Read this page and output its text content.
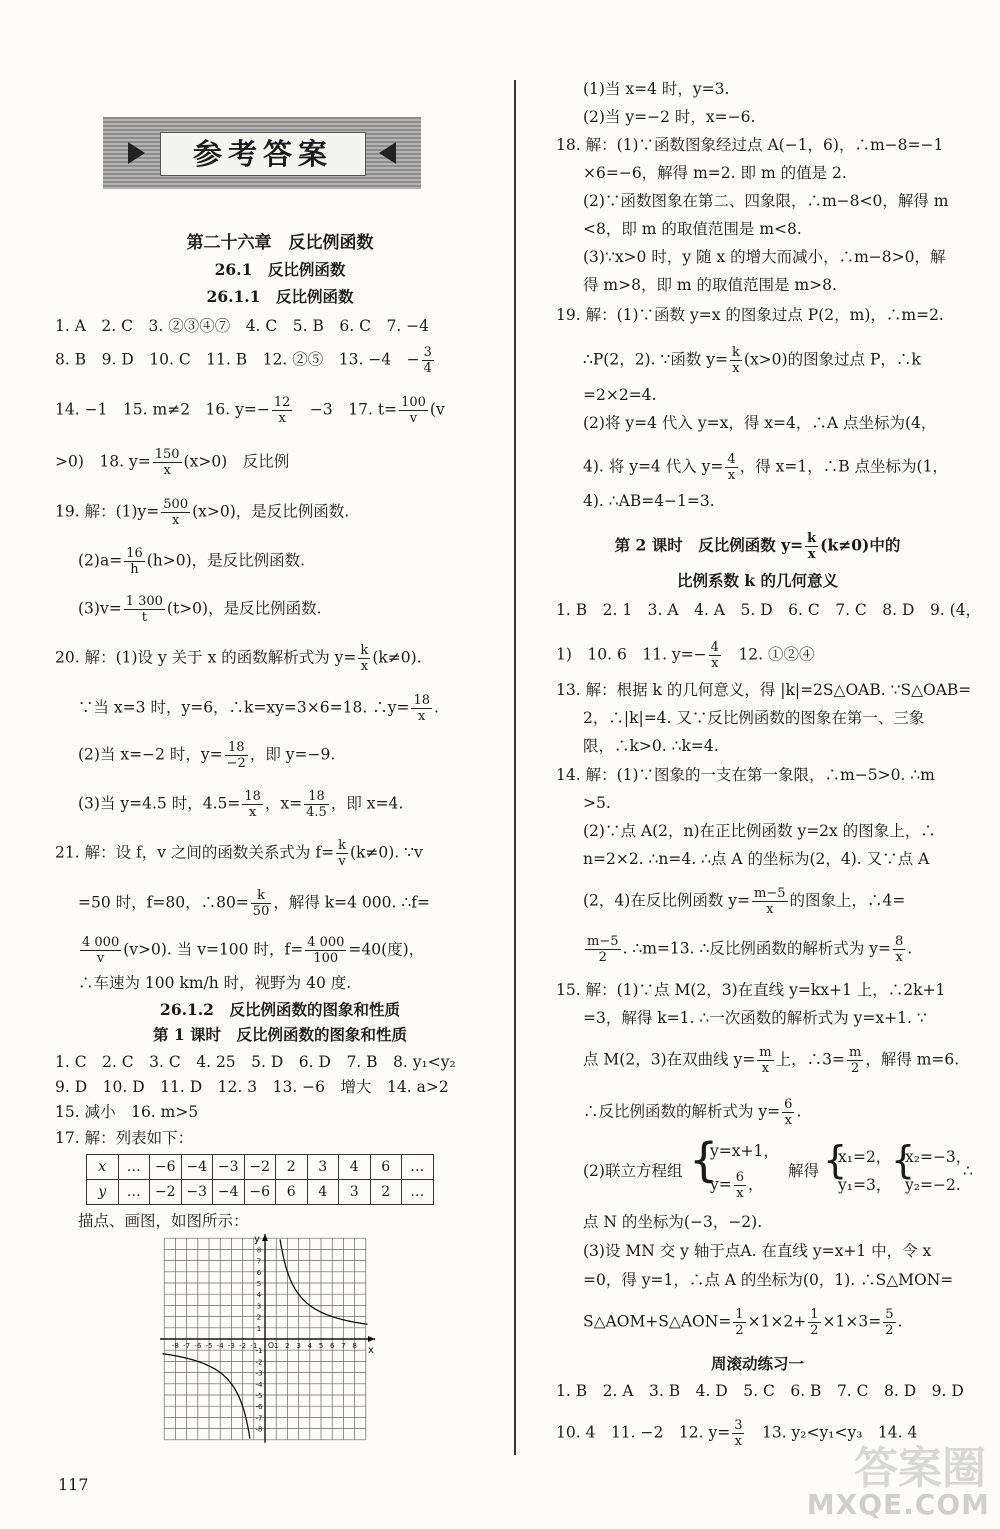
参考答案
第二十六章　反比例函数
26.1　反比例函数
26.1.1　反比例函数
1. A　2. C　3. ②③④⑦　4. C　5. B　6. C　7. −4
8. B　9. D　10. C　11. B　12. ②⑤　13. −4　− $\frac{3}{4}$
14. −1　15. m≠2　16. $y=- \frac{12}{x}$ 　−3　17. $t= \frac{100}{v} (v$
>0)　18. $y= \frac{150}{x} (x>0)$　反比例
19. 解：$(1)y= \frac{500}{x} (x>0)$，是反比例函数.
$(2)a= \frac{16}{h} (h>0)$，是反比例函数.
$(3)v= \frac{1 300}{t} (t>0)$，是反比例函数.
20. 解：(1)设 y 关于 x 的函数解析式为 $y= \frac{k}{x} (k\ne 0)$.
∵当 x=3 时，y=6，∴k=xy=3×6=18. ∴y= $\frac{18}{x}$ .
(2)当 x=−2 时，$y= \frac{18}{-2}$ ，即 y=−9.
(3)当 y=4.5 时，$4.5= \frac{18}{x}$ ，$x= \frac{18}{4.5}$ ，即 x=4.
21. 解：设 f，v 之间的函数关系式为 $f= \frac{k}{v} (k\ne 0)$. ∵v
=50 时，f=80，∴80= $\frac{k}{50}$ ，解得 k=4 000. ∴f=
$\frac{4 000}{v} (v>0)$. 当 v=100 时，$f= \frac{4 000}{100} =40$(度)，
∴车速为 100 km/h 时，视野为 40 度.
26.1.2　反比例函数的图象和性质
第 1 课时　反比例函数的图象和性质
1. C　2. C　3. C　4. 25　5. D　6. D　7. B　8. y₁<y₂
9. D　10. D　11. D　12. 3　13. −6　增大　14. a>2
15. 减小　16. m>5
17. 解：列表如下：
x	…	−6	−4	−3	−2	2	3	4	6	…
y	…	−2	−3	−4	−6	6	4	3	2	…
描点、画图，如图所示：
x
y
O
-8 -7 -6 -5 -4 -3 -2 -1 1 2 3 4 5 6 7 8
8
7
6
5
4
3
2
1
-1
-2
-3
-4
-5
-6
-7
-8
117
(1)当 x=4 时，y=3.
(2)当 y=−2 时，x=−6.
18. 解：(1)∵函数图象经过点 A(−1，6)，∴m−8=−1
×6=−6，解得 m=2. 即 m 的值是 2.
(2)∵函数图象在第二、四象限，∴m−8<0，解得 m
<8，即 m 的取值范围是 m<8.
(3)∵x>0 时，y 随 x 的增大而减小，∴m−8>0，解
得 m>8，即 m 的取值范围是 m>8.
19. 解：(1)∵函数 y=x 的图象过点 P(2，m)，∴m=2.
∴P(2，2). ∵函数 $y= \frac{k}{x} (x>0)$的图象过点 P，∴k
=2×2=4.
(2)将 y=4 代入 y=x，得 x=4，∴A 点坐标为(4，
4). 将 y=4 代入 $y= \frac{4}{x}$ ，得 x=1，∴B 点坐标为(1，
4). ∴AB=4−1=3.
第 2 课时　反比例函数 $y= \frac{k}{x} (k\ne 0)$中的
比例系数 k 的几何意义
1. B　2. 1　3. A　4. A　5. D　6. C　7. C　8. D　9. (4，
1)　10. 6　11. $y=- \frac{4}{x}$ 　12. ①②④
13. 解：根据 k 的几何意义，得 |k|=2S△OAB. ∵S△OAB=
2，∴|k|=4. 又∵反比例函数的图象在第一、三象
限，∴k>0. ∴k=4.
14. 解：(1)∵图象的一支在第一象限，∴m−5>0. ∴m
>5.
(2)∵点 A(2，n)在正比例函数 y=2x 的图象上，∴
n=2×2. ∴n=4. ∴点 A 的坐标为(2，4). 又∵点 A
(2，4)在反比例函数 $y= \frac{m-5}{x}$ 的图象上，∴4=
$\frac{m-5}{2}$ . ∴m=13. ∴反比例函数的解析式为 $y= \frac{8}{x}$ .
15. 解：(1)∵点 M(2，3)在直线 y=kx+1 上，∴2k+1
=3，解得 k=1. ∴一次函数的解析式为 y=x+1. ∵
点 M(2，3)在双曲线 $y= \frac{m}{x}$ 上，∴3= $\frac{m}{2}$ ，解得 m=6.
∴反比例函数的解析式为 $y= \frac{6}{x}$ .
(2)联立方程组 {
y=x+1，
$y= \frac{6}{x}$ ，
解得 {
x₁=2，
y₁=3，
{
x₂=−3，
y₂=−2.
∴
点 N 的坐标为(−3，−2).
(3)设 MN 交 y 轴于点A. 在直线 y=x+1 中，令 x
=0，得 y=1，∴点 A 的坐标为(0，1). ∴S△MON=
S△AOM+S△AON= $\frac{1}{2} \times 1\times 2+ \frac{1}{2} \times 1\times 3= \frac{5}{2}$ .
周滚动练习一
1. B　2. A　3. B　4. D　5. C　6. B　7. C　8. D　9. D
10. 4　11. −2　12. $y= \frac{3}{x}$ 　13. y₂<y₁<y₃　14. 4
答案圈
MXQE.COM
